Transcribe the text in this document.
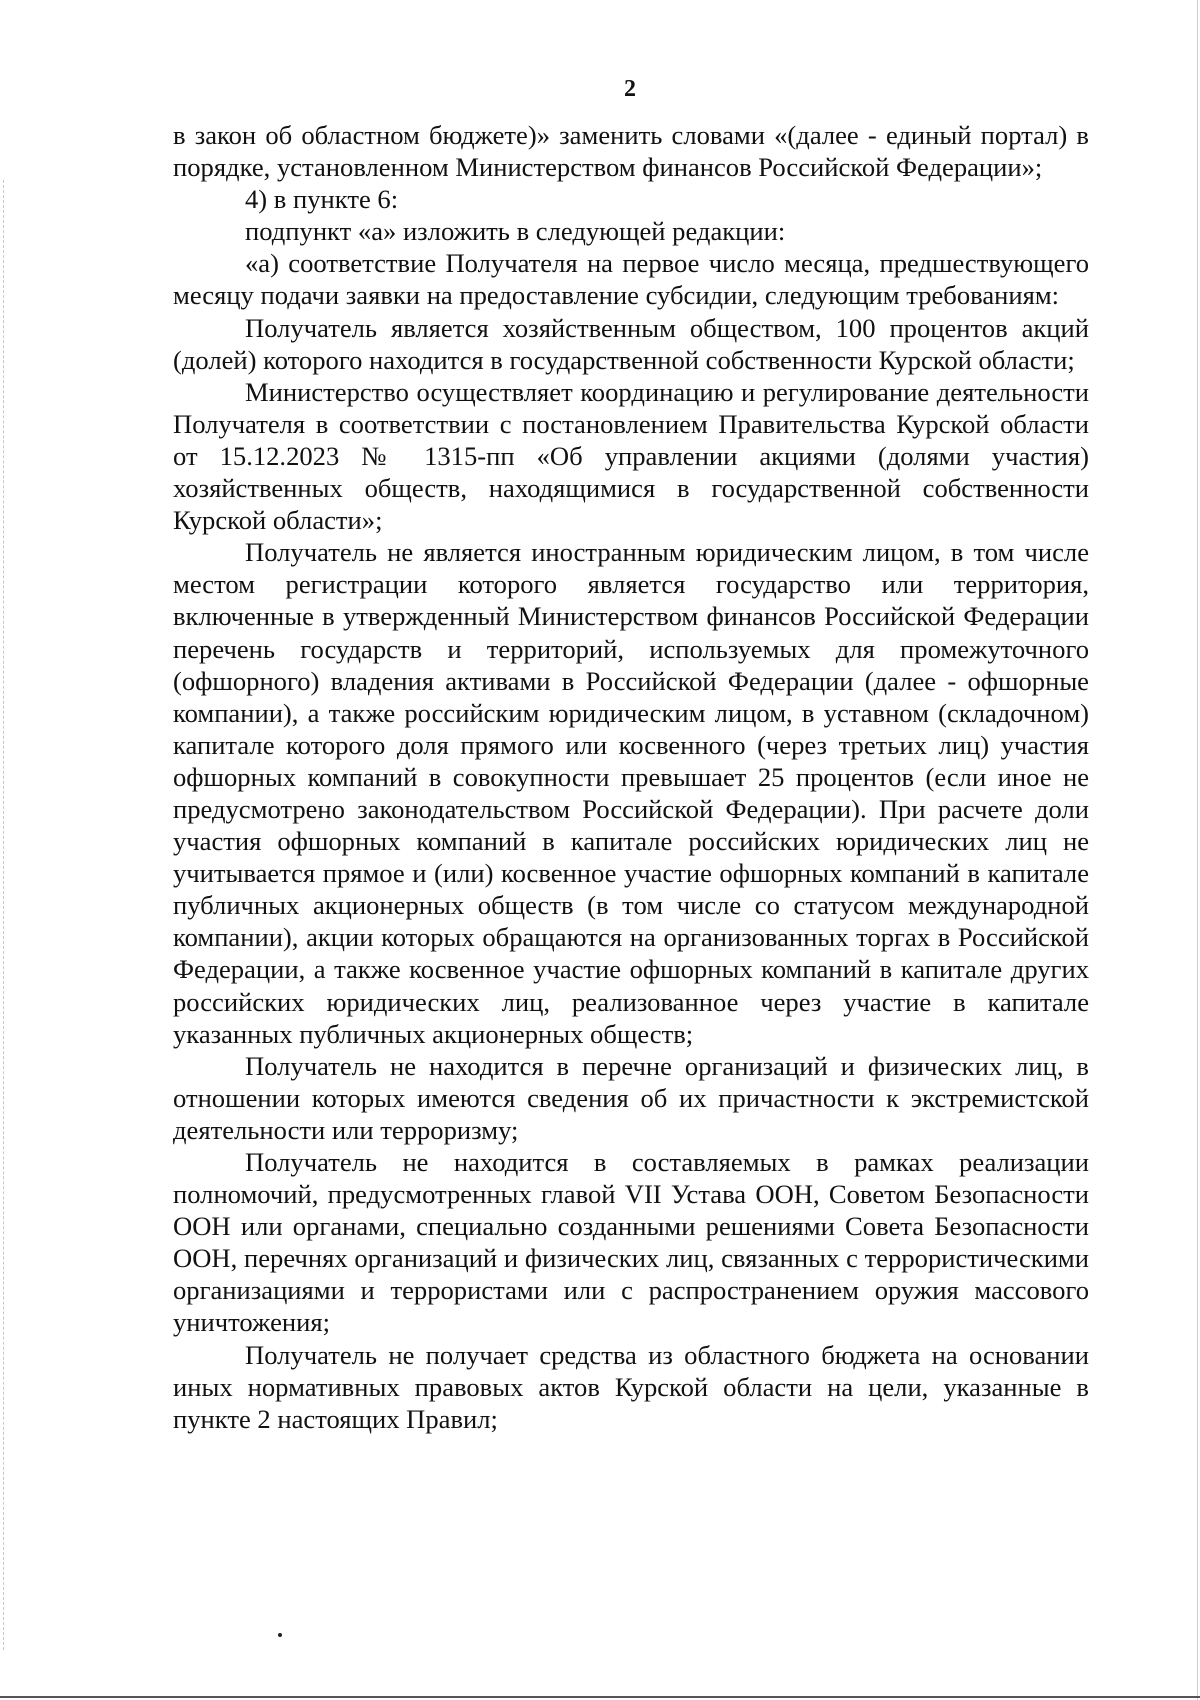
2

в закон об областном бюджете)» заменить словами «(далее - единый портал) в порядке, установленном Министерством финансов Российской Федерации»;

4) в пункте 6:

подпункт «а» изложить в следующей редакции:

«а) соответствие Получателя на первое число месяца, предшествующего месяцу подачи заявки на предоставление субсидии, следующим требованиям:

Получатель является хозяйственным обществом, 100 процентов акций (долей) которого находится в государственной собственности Курской области;

Министерство осуществляет координацию и регулирование деятельности Получателя в соответствии с постановлением Правительства Курской области от 15.12.2023 № 1315-пп «Об управлении акциями (долями участия) хозяйственных обществ, находящимися в государственной собственности Курской области»;

Получатель не является иностранным юридическим лицом, в том числе местом регистрации которого является государство или территория, включенные в утвержденный Министерством финансов Российской Федерации перечень государств и территорий, используемых для промежуточного (офшорного) владения активами в Российской Федерации (далее - офшорные компании), а также российским юридическим лицом, в уставном (складочном) капитале которого доля прямого или косвенного (через третьих лиц) участия офшорных компаний в совокупности превышает 25 процентов (если иное не предусмотрено законодательством Российской Федерации). При расчете доли участия офшорных компаний в капитале российских юридических лиц не учитывается прямое и (или) косвенное участие офшорных компаний в капитале публичных акционерных обществ (в том числе со статусом международной компании), акции которых обращаются на организованных торгах в Российской Федерации, а также косвенное участие офшорных компаний в капитале других российских юридических лиц, реализованное через участие в капитале указанных публичных акционерных обществ;

Получатель не находится в перечне организаций и физических лиц, в отношении которых имеются сведения об их причастности к экстремистской деятельности или терроризму;

Получатель не находится в составляемых в рамках реализации полномочий, предусмотренных главой VII Устава ООН, Советом Безопасности ООН или органами, специально созданными решениями Совета Безопасности ООН, перечнях организаций и физических лиц, связанных с террористическими организациями и террористами или с распространением оружия массового уничтожения;

Получатель не получает средства из областного бюджета на основании иных нормативных правовых актов Курской области на цели, указанные в пункте 2 настоящих Правил;
